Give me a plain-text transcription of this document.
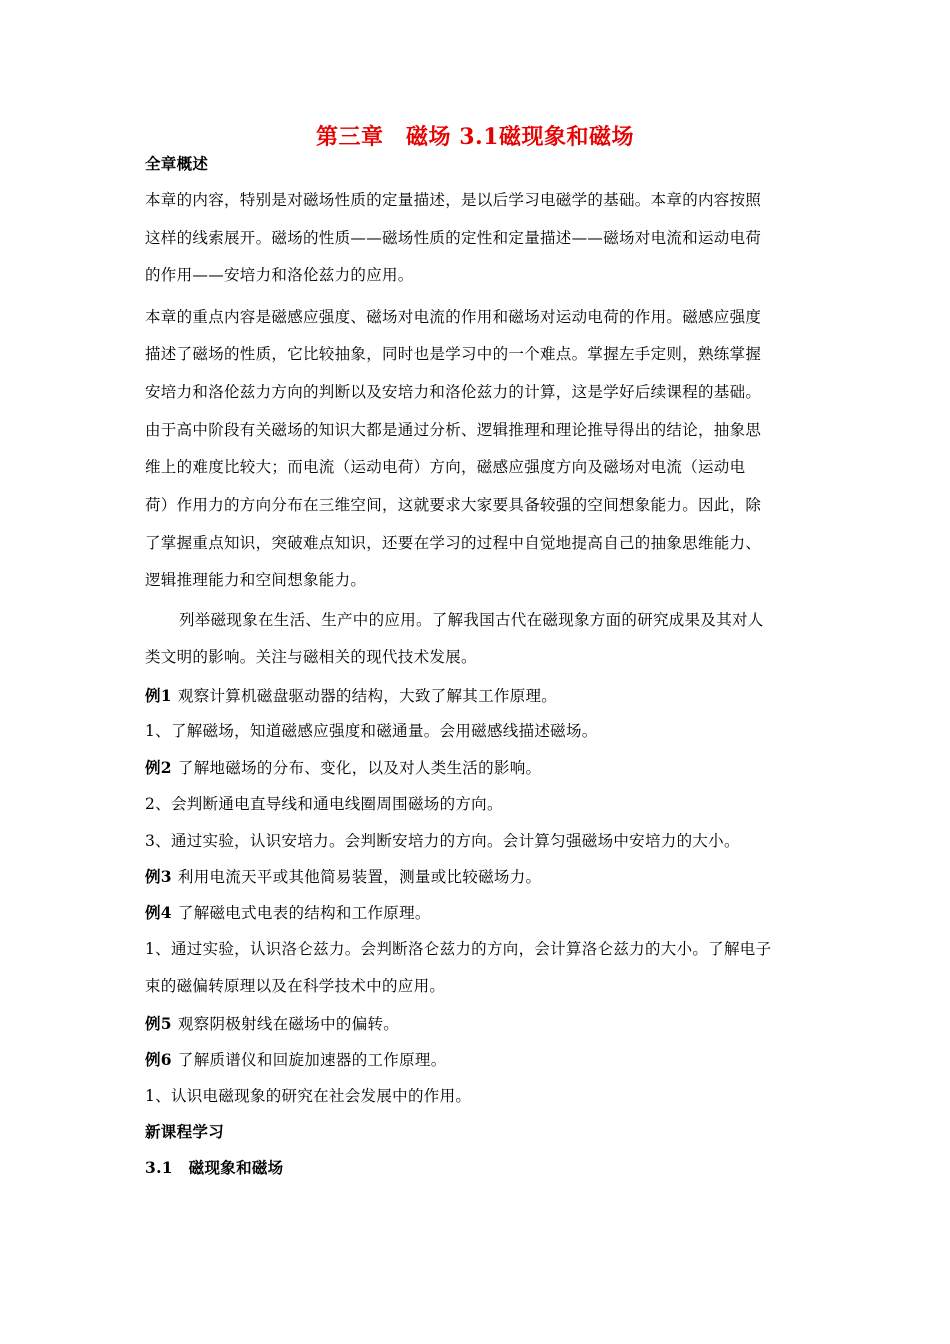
第三章　磁场 3.1磁现象和磁场
全章概述
本章的内容，特别是对磁场性质的定量描述，是以后学习电磁学的基础。本章的内容按照
这样的线索展开。磁场的性质——磁场性质的定性和定量描述——磁场对电流和运动电荷
的作用——安培力和洛伦兹力的应用。
本章的重点内容是磁感应强度、磁场对电流的作用和磁场对运动电荷的作用。磁感应强度
描述了磁场的性质，它比较抽象，同时也是学习中的一个难点。掌握左手定则，熟练掌握
安培力和洛伦兹力方向的判断以及安培力和洛伦兹力的计算，这是学好后续课程的基础。
由于高中阶段有关磁场的知识大都是通过分析、逻辑推理和理论推导得出的结论，抽象思
维上的难度比较大；而电流（运动电荷）方向，磁感应强度方向及磁场对电流（运动电
荷）作用力的方向分布在三维空间，这就要求大家要具备较强的空间想象能力。因此，除
了掌握重点知识，突破难点知识，还要在学习的过程中自觉地提高自己的抽象思维能力、
逻辑推理能力和空间想象能力。
列举磁现象在生活、生产中的应用。了解我国古代在磁现象方面的研究成果及其对人
类文明的影响。关注与磁相关的现代技术发展。
例1 观察计算机磁盘驱动器的结构，大致了解其工作原理。
1、了解磁场，知道磁感应强度和磁通量。会用磁感线描述磁场。
例2 了解地磁场的分布、变化，以及对人类生活的影响。
2、会判断通电直导线和通电线圈周围磁场的方向。
3、通过实验，认识安培力。会判断安培力的方向。会计算匀强磁场中安培力的大小。
例3 利用电流天平或其他简易装置，测量或比较磁场力。
例4 了解磁电式电表的结构和工作原理。
1、通过实验，认识洛仑兹力。会判断洛仑兹力的方向，会计算洛仑兹力的大小。了解电子
束的磁偏转原理以及在科学技术中的应用。
例5 观察阴极射线在磁场中的偏转。
例6 了解质谱仪和回旋加速器的工作原理。
1、认识电磁现象的研究在社会发展中的作用。
新课程学习
3.1　磁现象和磁场
